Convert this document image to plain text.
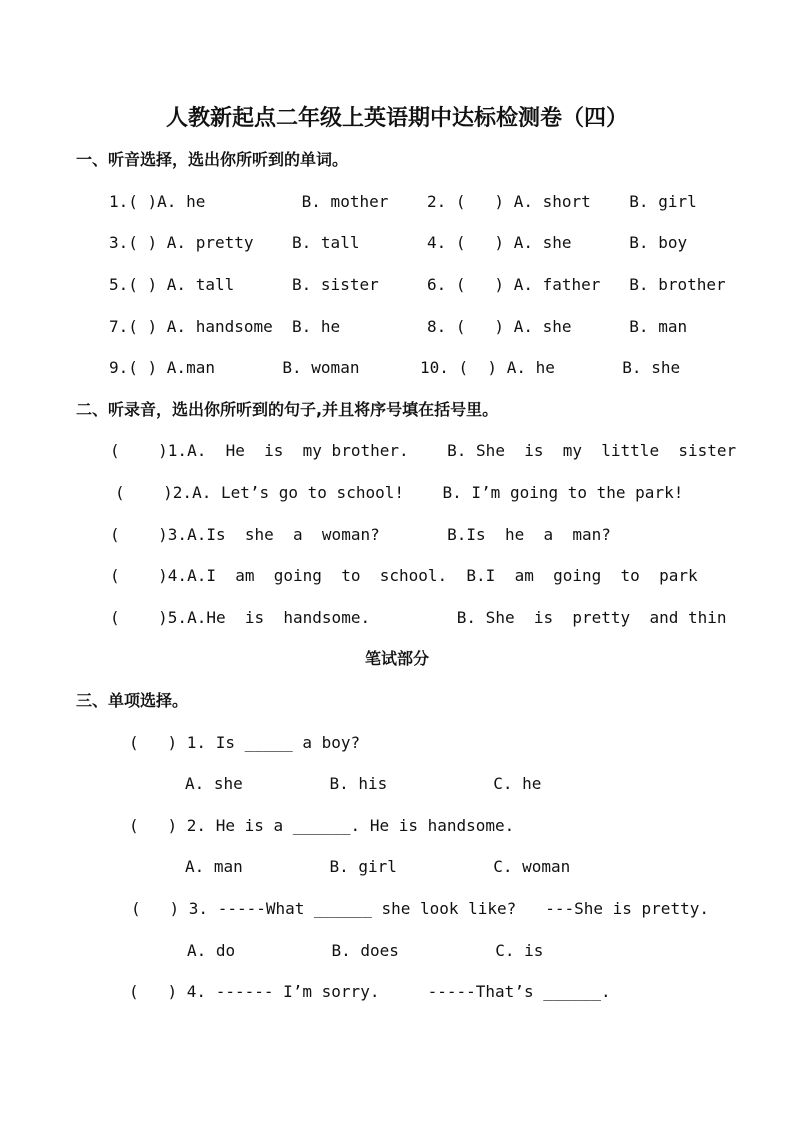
人教新起点二年级上英语期中达标检测卷（四）
一、听音选择，选出你所听到的单词。
1.( )A. he          B. mother 2. (   ) A. short    B. girl
3.( ) A. pretty    B. tall	4. (   ) A. she      B. boy
5.( ) A. tall      B. sister	6. (   ) A. father   B. brother
7.( ) A. handsome  B. he	8. (   ) A. she      B. man
9.( ) A.man       B. woman	10. (  ) A. he       B. she
二、听录音，选出你所听到的句子,并且将序号填在括号里。
(    )1.A.  He  is  my brother.    B. She  is  my  little  sister
(    )2.A. Let’s go to school!    B. I’m going to the park!
(    )3.A.Is  she  a  woman?       B.Is  he  a  man?
(    )4.A.I  am  going  to  school.  B.I  am  going  to  park
(    )5.A.He  is  handsome.         B. She  is  pretty  and thin
笔试部分
三、单项选择。
(   ) 1. Is _____ a boy?
A. she         B. his           C. he
(   ) 2. He is a ______. He is handsome.
A. man         B. girl          C. woman
(   ) 3. -----What ______ she look like?   ---She is pretty.
A. do          B. does          C. is
(   ) 4. ------ I’m sorry.     -----That’s ______.
